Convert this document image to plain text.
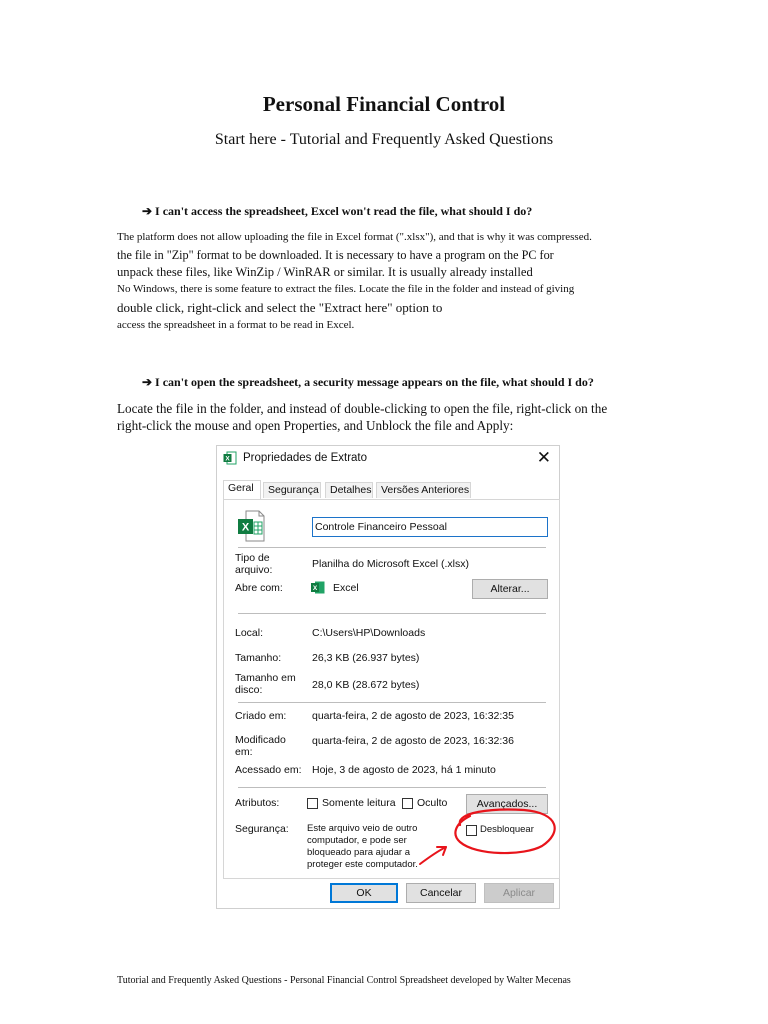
Personal Financial Control
Start here - Tutorial and Frequently Asked Questions
➔ I can't access the spreadsheet, Excel won't read the file, what should I do?
The platform does not allow uploading the file in Excel format (".xlsx"), and that is why it was compressed.
the file in "Zip" format to be downloaded. It is necessary to have a program on the PC for
unpack these files, like WinZip / WinRAR or similar. It is usually already installed
No Windows, there is some feature to extract the files. Locate the file in the folder and instead of giving
double click, right-click and select the "Extract here" option to
access the spreadsheet in a format to be read in Excel.
➔ I can't open the spreadsheet, a security message appears on the file, what should I do?
Locate the file in the folder, and instead of double-clicking to open the file, right-click on the
right-click the mouse and open Properties, and Unblock the file and Apply:
X Propriedades de Extrato	✕
Geral	Segurança	Detalhes Versões Anteriores
X
Controle Financeiro Pessoal
Tipo de arquivo:	Planilha do Microsoft Excel (.xlsx)
Abre com:	X Excel	Alterar...
Local:	C:\Users\HP\Downloads
Tamanho:	26,3 KB (26.937 bytes)
Tamanho em disco:	28,0 KB (28.672 bytes)
Criado em: quarta-feira, 2 de agosto de 2023, 16:32:35
Modificado em:
quarta-feira, 2 de agosto de 2023, 16:32:36
Acessado em: Hoje, 3 de agosto de 2023, há 1 minuto
Atributos:	Somente leitura Oculto	Avançados...
Segurança: Este arquivo veio de outro computador, e pode ser bloqueado para ajudar a proteger este computador.
Desbloquear
OK	Cancelar	Aplicar
Tutorial and Frequently Asked Questions - Personal Financial Control Spreadsheet developed by Walter Mecenas
